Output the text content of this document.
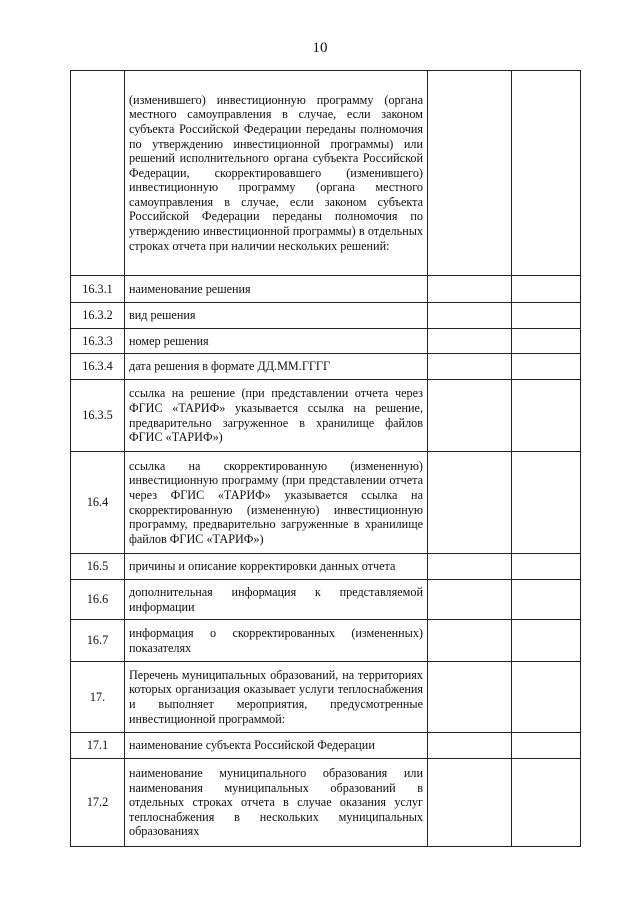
10
	(изменившего) инвестиционную программу (органа местного самоуправления в случае, если законом субъекта Российской Федерации переданы полномочия по утверждению инвестиционной программы) или решений исполнительного органа субъекта Российской Федерации, скорректировавшего (изменившего) инвестиционную программу (органа местного самоуправления в случае, если законом субъекта Российской Федерации переданы полномочия по утверждению инвестиционной программы) в отдельных строках отчета при наличии нескольких решений:		
16.3.1	наименование решения		
16.3.2	вид решения		
16.3.3	номер решения		
16.3.4	дата решения в формате ДД.ММ.ГГГГ		
16.3.5	ссылка на решение (при представлении отчета через ФГИС «ТАРИФ» указывается ссылка на решение, предварительно загруженное в хранилище файлов ФГИС «ТАРИФ»)		
16.4	ссылка на скорректированную (измененную) инвестиционную программу (при представлении отчета через ФГИС «ТАРИФ» указывается ссылка на скорректированную (измененную) инвестиционную программу, предварительно загруженные в хранилище файлов ФГИС «ТАРИФ»)		
16.5	причины и описание корректировки данных отчета		
16.6	дополнительная информация к представляемой информации		
16.7	информация о скорректированных (измененных) показателях		
17.	Перечень муниципальных образований, на территориях которых организация оказывает услуги теплоснабжения и выполняет мероприятия, предусмотренные инвестиционной программой:		
17.1	наименование субъекта Российской Федерации		
17.2	наименование муниципального образования или наименования муниципальных образований в отдельных строках отчета в случае оказания услуг теплоснабжения в нескольких муниципальных образованиях		
